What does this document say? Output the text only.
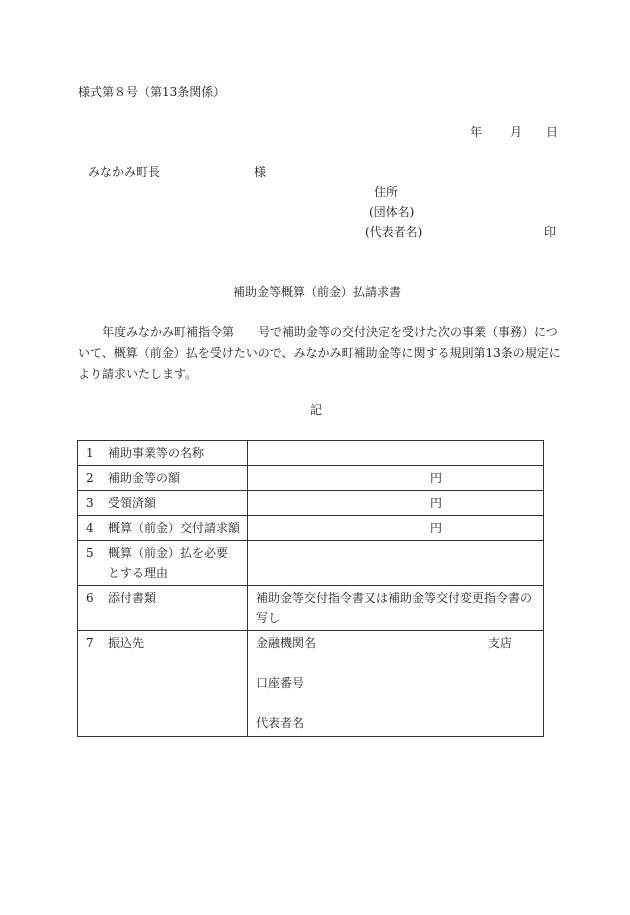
様式第８号（第13条関係）
年 月 日
みなかみ町長	様
住所
(団体名)
(代表者名)	印
補助金等概算（前金）払請求書
年度みなかみ町補指令第　　号で補助金等の交付決定を受けた次の事業（事務）について、概算（前金）払を受けたいので、みなかみ町補助金等に関する規則第13条の規定により請求いたします。
記
1 補助事業等の名称	
2 補助金等の額	円

3 受領済額	円

4 概算（前金）交付請求額	円

5 概算（前金）払を必要とする理由	
6 添付書類	補助金等交付指令書又は補助金等交付変更指令書の写し
7 振込先	金融機関名 支店
口座番号
代表者名
